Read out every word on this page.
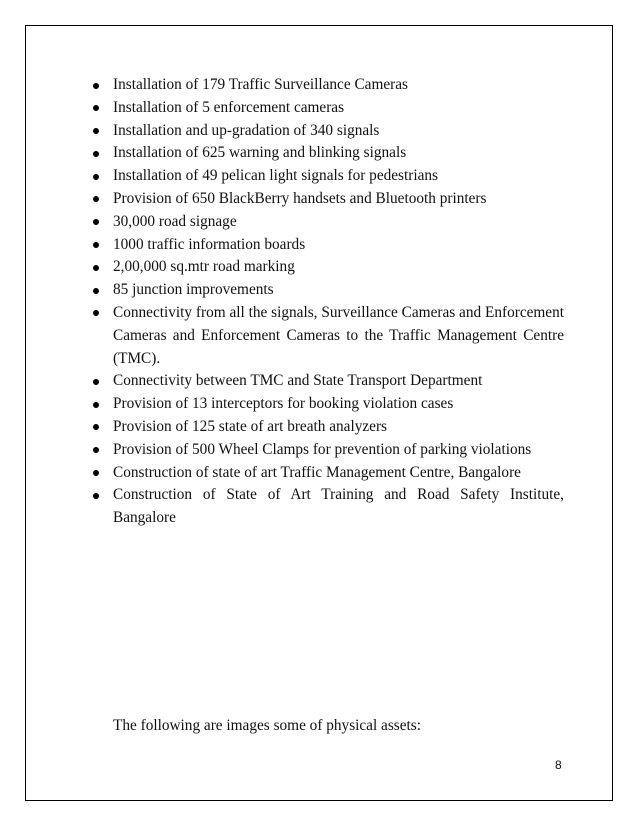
Installation of 179 Traffic Surveillance Cameras
Installation of 5 enforcement cameras
Installation and up-gradation of 340 signals
Installation of 625 warning and blinking signals
Installation of 49 pelican light signals for pedestrians
Provision of 650 BlackBerry handsets and Bluetooth printers
30,000 road signage
1000 traffic information boards
2,00,000 sq.mtr road marking
85 junction improvements
Connectivity from all the signals, Surveillance Cameras and Enforcement Cameras and Enforcement Cameras to the Traffic Management Centre (TMC).
Connectivity between TMC and State Transport Department
Provision of 13 interceptors for booking violation cases
Provision of 125 state of art breath analyzers
Provision of 500 Wheel Clamps for prevention of parking violations
Construction of state of art Traffic Management Centre, Bangalore
Construction of State of Art Training and Road Safety Institute, Bangalore

The following are images some of physical assets:

8
